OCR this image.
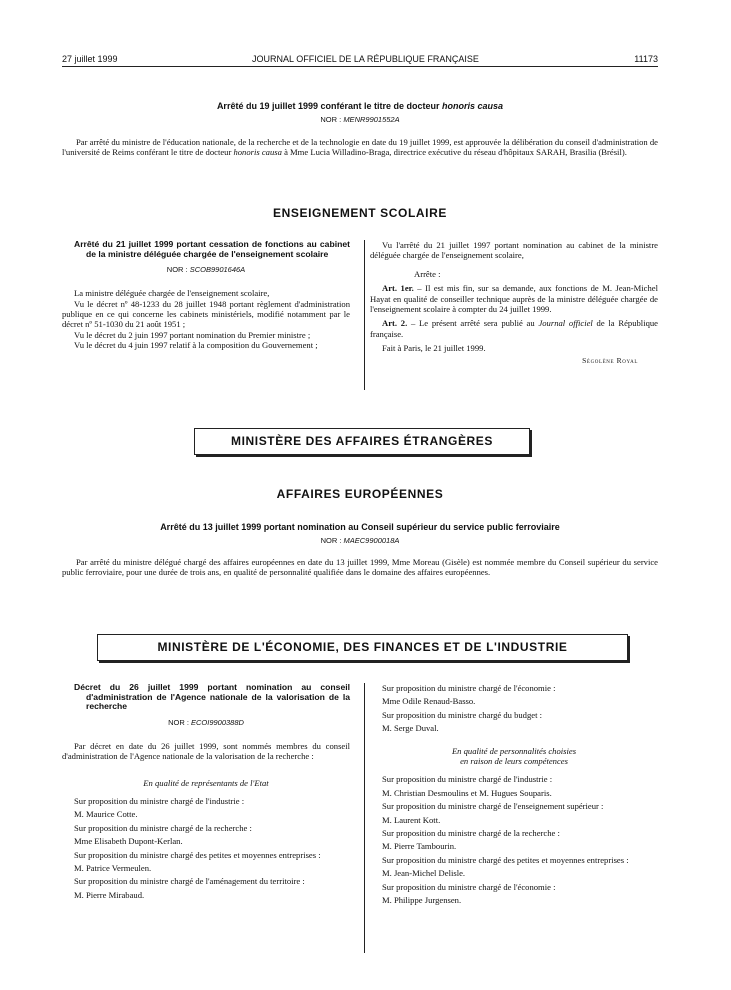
27 juillet 1999	JOURNAL OFFICIEL DE LA RÉPUBLIQUE FRANÇAISE	11173
Arrêté du 19 juillet 1999 conférant le titre de docteur honoris causa
NOR : MENR9901552A

Par arrêté du ministre de l'éducation nationale, de la recherche et de la technologie en date du 19 juillet 1999, est approuvée la délibération du conseil d'administration de l'université de Reims conférant le titre de docteur honoris causa à Mme Lucia Willadino-Braga, directrice exécutive du réseau d'hôpitaux SARAH, Brasilia (Brésil).

ENSEIGNEMENT SCOLAIRE
Arrêté du 21 juillet 1999 portant cessation de fonctions au cabinet de la ministre déléguée chargée de l'enseignement scolaire
NOR : SCOB9901646A

La ministre déléguée chargée de l'enseignement scolaire,

Vu le décret nº 48-1233 du 28 juillet 1948 portant règlement d'administration publique en ce qui concerne les cabinets ministériels, modifié notamment par le décret nº 51-1030 du 21 août 1951 ;

Vu le décret du 2 juin 1997 portant nomination du Premier ministre ;

Vu le décret du 4 juin 1997 relatif à la composition du Gouvernement ;

Vu l'arrêté du 21 juillet 1997 portant nomination au cabinet de la ministre déléguée chargée de l'enseignement scolaire,

Arrête :

Art. 1er. – Il est mis fin, sur sa demande, aux fonctions de M. Jean-Michel Hayat en qualité de conseiller technique auprès de la ministre déléguée chargée de l'enseignement scolaire à compter du 24 juillet 1999.

Art. 2. – Le présent arrêté sera publié au Journal officiel de la République française.

Fait à Paris, le 21 juillet 1999.

Ségolène Royal

MINISTÈRE DES AFFAIRES ÉTRANGÈRES
AFFAIRES EUROPÉENNES
Arrêté du 13 juillet 1999 portant nomination au Conseil supérieur du service public ferroviaire
NOR : MAEC9900018A

Par arrêté du ministre délégué chargé des affaires européennes en date du 13 juillet 1999, Mme Moreau (Gisèle) est nommée membre du Conseil supérieur du service public ferroviaire, pour une durée de trois ans, en qualité de personnalité qualifiée dans le domaine des affaires européennes.

MINISTÈRE DE L'ÉCONOMIE, DES FINANCES ET DE L'INDUSTRIE
Décret du 26 juillet 1999 portant nomination au conseil d'administration de l'Agence nationale de la valorisation de la recherche
NOR : ECOI9900388D

Par décret en date du 26 juillet 1999, sont nommés membres du conseil d'administration de l'Agence nationale de la valorisation de la recherche :

En qualité de représentants de l'Etat

Sur proposition du ministre chargé de l'industrie :

M. Maurice Cotte.

Sur proposition du ministre chargé de la recherche :

Mme Elisabeth Dupont-Kerlan.

Sur proposition du ministre chargé des petites et moyennes entreprises :

M. Patrice Vermeulen.

Sur proposition du ministre chargé de l'aménagement du territoire :

M. Pierre Mirabaud.

Sur proposition du ministre chargé de l'économie :

Mme Odile Renaud-Basso.

Sur proposition du ministre chargé du budget :

M. Serge Duval.

En qualité de personnalités choisies

en raison de leurs compétences

Sur proposition du ministre chargé de l'industrie :

M. Christian Desmoulins et M. Hugues Souparis.

Sur proposition du ministre chargé de l'enseignement supérieur :

M. Laurent Kott.

Sur proposition du ministre chargé de la recherche :

M. Pierre Tambourin.

Sur proposition du ministre chargé des petites et moyennes entreprises :

M. Jean-Michel Delisle.

Sur proposition du ministre chargé de l'économie :

M. Philippe Jurgensen.
